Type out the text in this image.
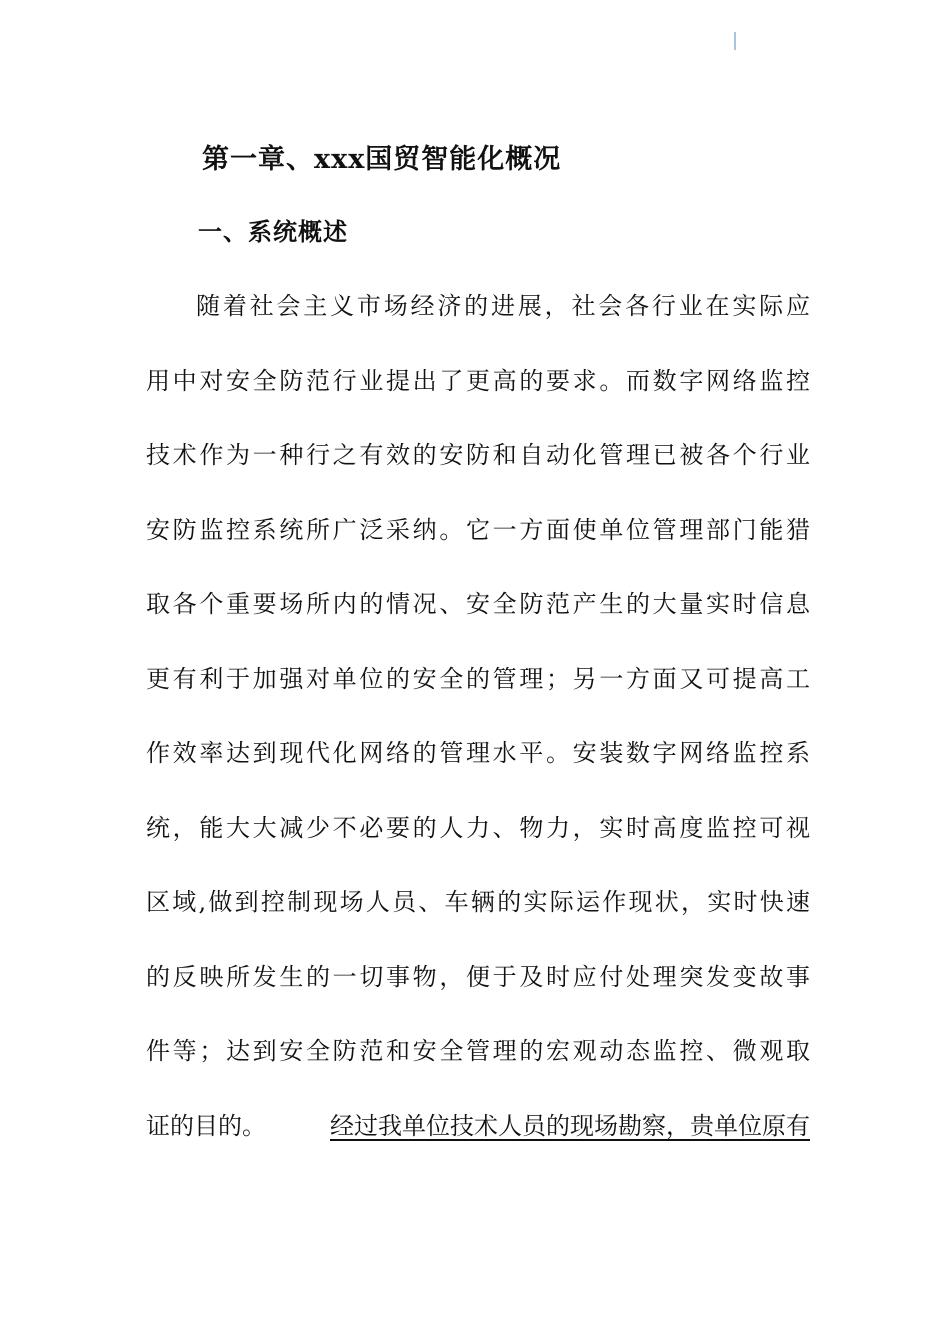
第一章、xxx国贸智能化概况
一、系统概述
随着社会主义市场经济的进展，社会各行业在实际应
用中对安全防范行业提出了更高的要求。而数字网络监控
技术作为一种行之有效的安防和自动化管理已被各个行业
安防监控系统所广泛采纳。它一方面使单位管理部门能猎
取各个重要场所内的情况、安全防范产生的大量实时信息
更有利于加强对单位的安全的管理；另一方面又可提高工
作效率达到现代化网络的管理水平。安装数字网络监控系
统，能大大减少不必要的人力、物力，实时高度监控可视
区域,做到控制现场人员、车辆的实际运作现状，实时快速
的反映所发生的一切事物，便于及时应付处理突发变故事
件等；达到安全防范和安全管理的宏观动态监控、微观取
证的目的。	经过我单位技术人员的现场勘察，贵单位原有
